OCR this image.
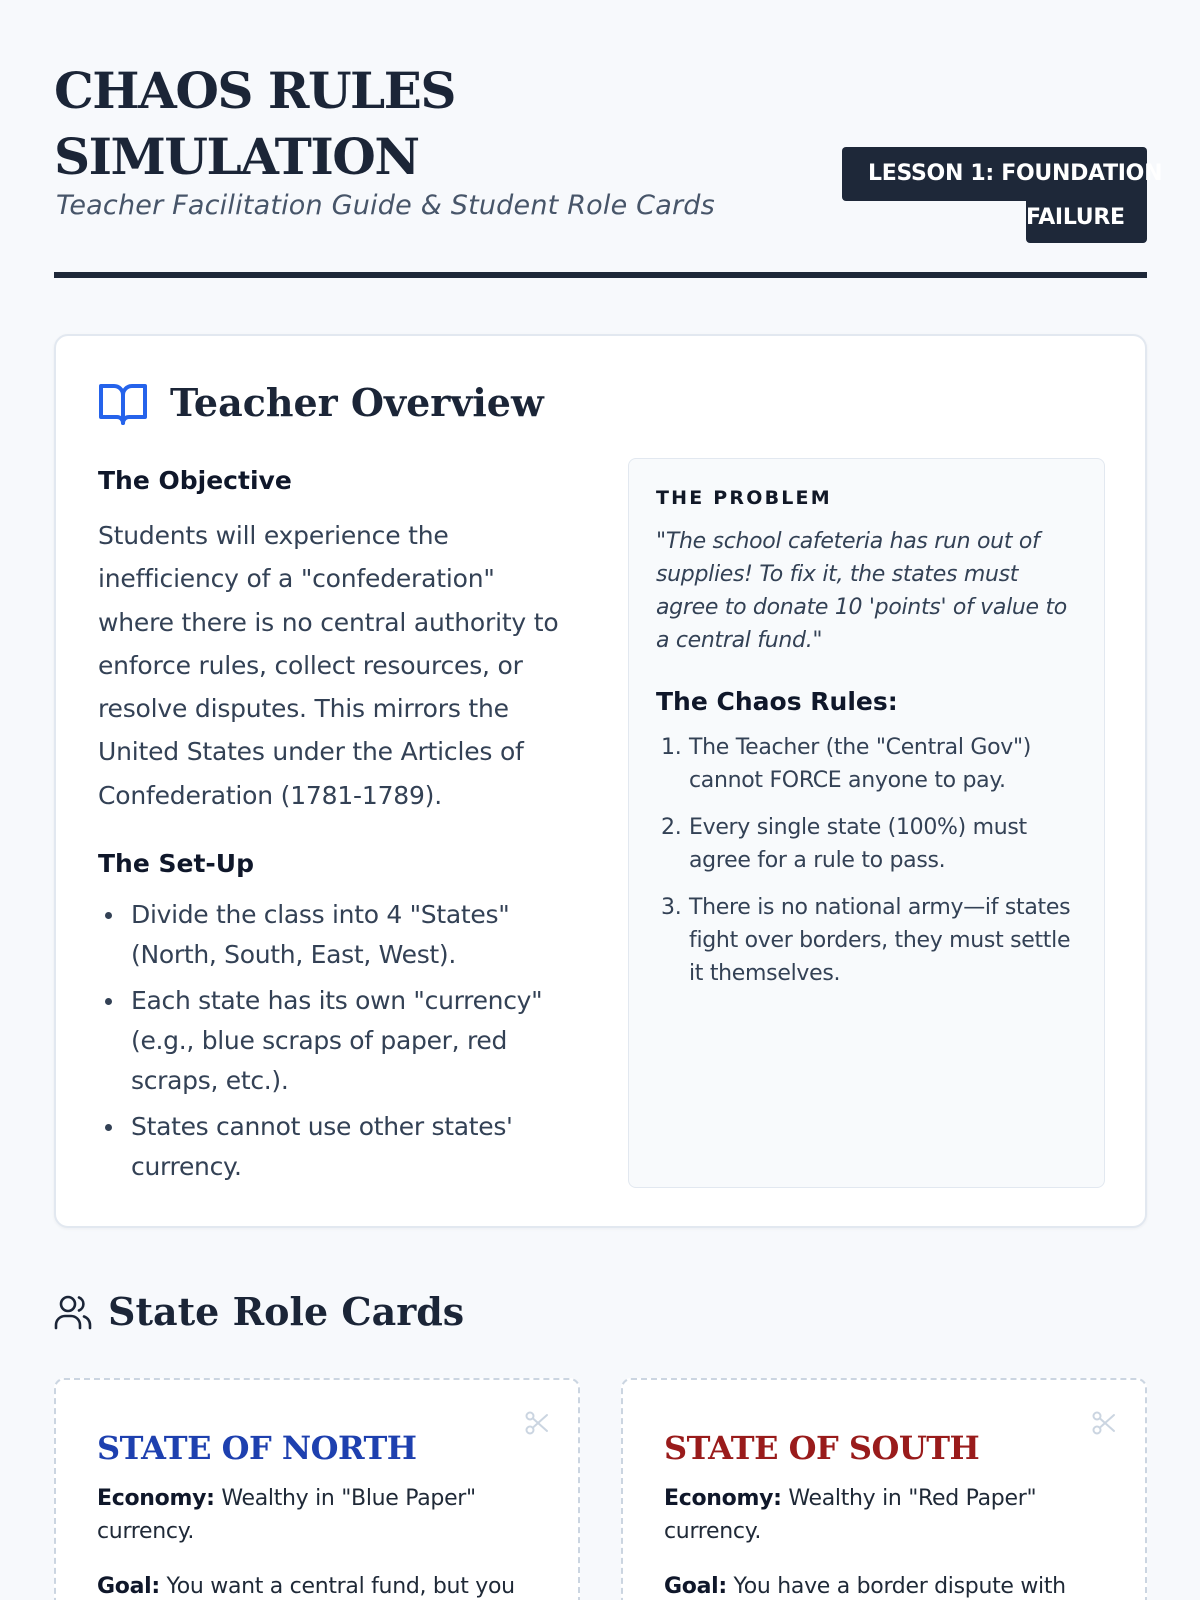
CHAOS RULES SIMULATION
Teacher Facilitation Guide & Student Role Cards
LESSON 1: FOUNDATION
FAILURE
Teacher Overview
The Objective
Students will experience the inefficiency of a "confederation" where there is no central authority to enforce rules, collect resources, or resolve disputes. This mirrors the United States under the Articles of Confederation (1781-1789).
The Set-Up
Divide the class into 4 "States" (North, South, East, West).
Each state has its own "currency" (e.g., blue scraps of paper, red scraps, etc.).
States cannot use other states' currency.
THE PROBLEM
"The school cafeteria has run out of supplies! To fix it, the states must agree to donate 10 'points' of value to a central fund."
The Chaos Rules:
1. The Teacher (the "Central Gov") cannot FORCE anyone to pay.
2. Every single state (100%) must agree for a rule to pass.
3. There is no national army—if states fight over borders, they must settle it themselves.
State Role Cards
STATE OF NORTH
Economy: Wealthy in "Blue Paper" currency.
Goal: You want a central fund, but you
STATE OF SOUTH
Economy: Wealthy in "Red Paper" currency.
Goal: You have a border dispute with
